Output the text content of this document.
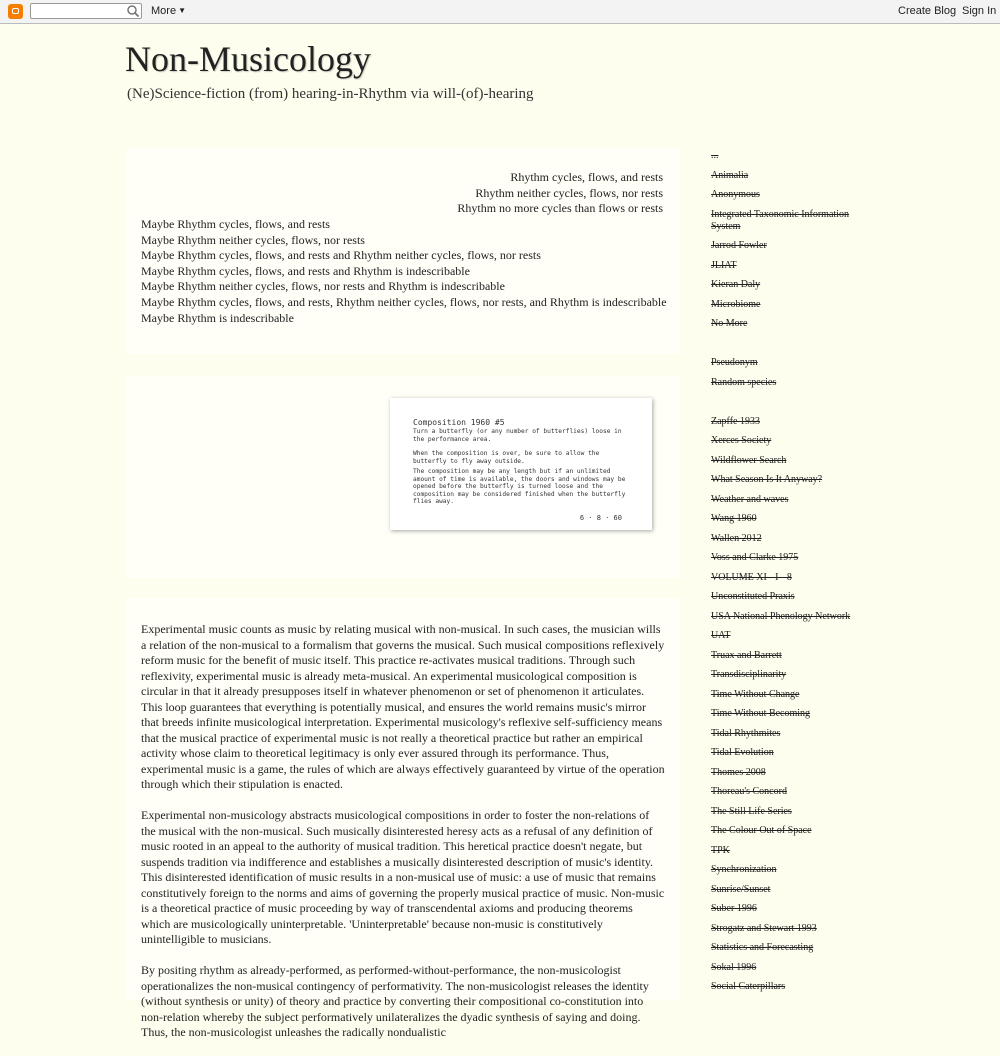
More ▼	Create Blog Sign In
Non-Musicology

(Ne)Science-fiction (from) hearing-in-Rhythm via will-(of)-hearing

Rhythm cycles, flows, and rests
Rhythm neither cycles, flows, nor rests
Rhythm no more cycles than flows or rests
Maybe Rhythm cycles, flows, and rests
Maybe Rhythm neither cycles, flows, nor rests
Maybe Rhythm cycles, flows, and rests and Rhythm neither cycles, flows, nor rests
Maybe Rhythm cycles, flows, and rests and Rhythm is indescribable
Maybe Rhythm neither cycles, flows, nor rests and Rhythm is indescribable
Maybe Rhythm cycles, flows, and rests, Rhythm neither cycles, flows, nor rests, and Rhythm is indescribable
Maybe Rhythm is indescribable
Composition 1960 #5
Turn a butterfly (or any number of butterflies) loose in the performance area.
When the composition is over, be sure to allow the butterfly to fly away outside.
The composition may be any length but if an unlimited amount of time is available, the doors and windows may be opened before the butterfly is turned loose and the composition may be considered finished when the butterfly flies away.
6 · 8 · 60

Experimental music counts as music by relating musical with non-musical. In such cases, the musician wills a relation of the non-musical to a formalism that governs the musical. Such musical compositions reflexively reform music for the benefit of music itself. This practice re-activates musical traditions. Through such reflexivity, experimental music is already meta-musical. An experimental musicological composition is circular in that it already presupposes itself in whatever phenomenon or set of phenomenon it articulates. This loop guarantees that everything is potentially musical, and ensures the world remains music's mirror that breeds infinite musicological interpretation. Experimental musicology's reflexive self-sufficiency means that the musical practice of experimental music is not really a theoretical practice but rather an empirical activity whose claim to theoretical legitimacy is only ever assured through its performance. Thus, experimental music is a game, the rules of which are always effectively guaranteed by virtue of the operation through which their stipulation is enacted.

Experimental non-musicology abstracts musicological compositions in order to foster the non-relations of the musical with the non-musical. Such musically disinterested heresy acts as a refusal of any definition of music rooted in an appeal to the authority of musical tradition. This heretical practice doesn't negate, but suspends tradition via indifference and establishes a musically disinterested description of music's identity. This disinterested identification of music results in a non-musical use of music: a use of music that remains constitutively foreign to the norms and aims of governing the properly musical practice of music. Non-music is a theoretical practice of music proceeding by way of transcendental axioms and producing theorems which are musicologically uninterpretable. 'Uninterpretable' because non-music is constitutively unintelligible to musicians.

By positing rhythm as already-performed, as performed-without-performance, the non-musicologist operationalizes the non-musical contingency of performativity. The non-musicologist releases the identity (without synthesis or unity) of theory and practice by converting their compositional co-constitution into non-relation whereby the subject performatively unilateralizes the dyadic synthesis of saying and doing. Thus, the non-musicologist unleashes the radically nondualistic

...
Animalia
Anonymous
Integrated Taxonomic Information System
Jarrod Fowler
JLIAT
Kieran Daly
Microbiome
No More
Pseudonym
Random species
Zapffe 1933
Xerces Society
Wildflower Search
What Season Is It Anyway?
Weather and waves
Wang 1960
Wallen 2012
Voss and Clarke 1975
VOLUME XI - I - 8
Unconstituted Praxis
USA National Phenology Network
UAT
Truax and Barrett
Transdisciplinarity
Time Without Change
Time Without Becoming
Tidal Rhythmites
Tidal Evolution
Thomes 2008
Thoreau's Concord
The Still Life Series
The Colour Out of Space
TPK
Synchronization
Sunrise/Sunset
Suber 1996
Strogatz and Stewart 1993
Statistics and Forecasting
Sokal 1996
Social Caterpillars
